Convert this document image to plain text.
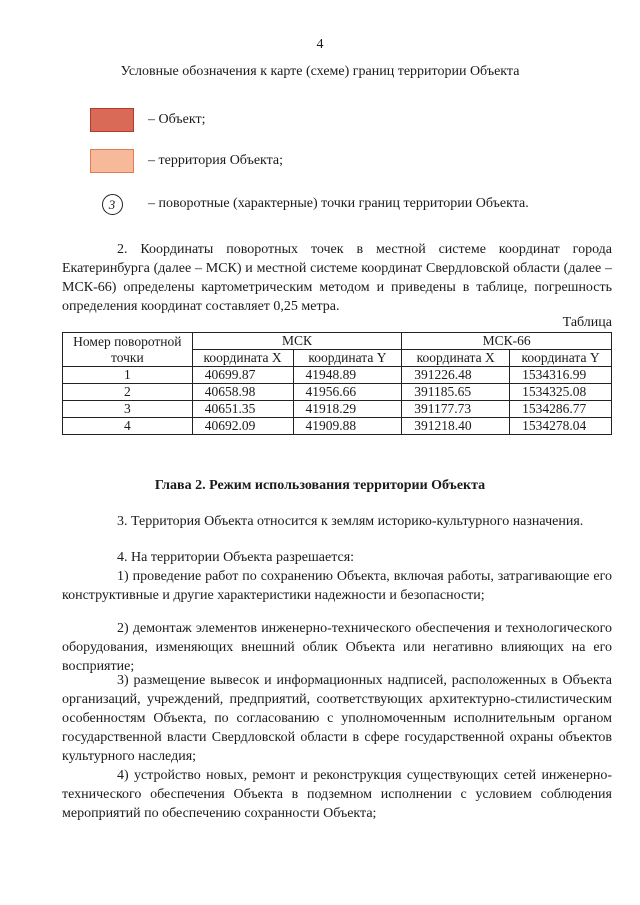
4
Условные обозначения к карте (схеме) границ территории Объекта
– Объект;
– территория Объекта;
3	– поворотные (характерные) точки границ территории Объекта.
2. Координаты поворотных точек в местной системе координат города Екатеринбурга (далее – МСК) и местной системе координат Свердловской области (далее – МСК-66) определены картометрическим методом и приведены в таблице, погрешность определения координат составляет 0,25 метра.
Таблица
Номер поворотной точки	МСК		МСК-66	
	координата X	координата Y	координата X	координата Y
1	40699.87	41948.89	391226.48	1534316.99
2	40658.98	41956.66	391185.65	1534325.08
3	40651.35	41918.29	391177.73	1534286.77
4	40692.09	41909.88	391218.40	1534278.04
Глава 2. Режим использования территории Объекта
3. Территория Объекта относится к землям историко-культурного назначения.
4. На территории Объекта разрешается:
1) проведение работ по сохранению Объекта, включая работы, затрагивающие его конструктивные и другие характеристики надежности и безопасности;
2) демонтаж элементов инженерно-технического обеспечения и технологического оборудования, изменяющих внешний облик Объекта или негативно влияющих на его восприятие;
3) размещение вывесок и информационных надписей, расположенных в Объекта организаций, учреждений, предприятий, соответствующих архитектурно-стилистическим особенностям Объекта, по согласованию с уполномоченным исполнительным органом государственной власти Свердловской области в сфере государственной охраны объектов культурного наследия;
4) устройство новых, ремонт и реконструкция существующих сетей инженерно-технического обеспечения Объекта в подземном исполнении с условием соблюдения мероприятий по обеспечению сохранности Объекта;
